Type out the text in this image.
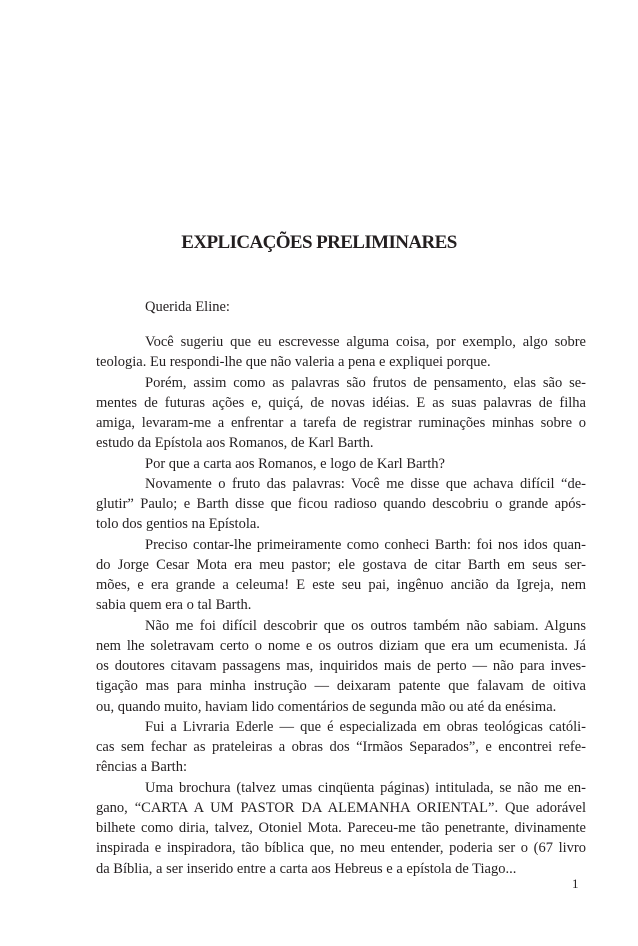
EXPLICAÇÕES PRELIMINARES

Querida Eline:

Você sugeriu que eu escrevesse alguma coisa, por exemplo, algo sobre
teologia. Eu respondi-lhe que não valeria a pena e expliquei porque.
Porém, assim como as palavras são frutos de pensamento, elas são se-
mentes de futuras ações e, quiçá, de novas idéias. E as suas palavras de filha
amiga, levaram-me a enfrentar a tarefa de registrar ruminações minhas sobre o
estudo da Epístola aos Romanos, de Karl Barth.
Por que a carta aos Romanos, e logo de Karl Barth?
Novamente o fruto das palavras: Você me disse que achava difícil “de-
glutir” Paulo; e Barth disse que ficou radioso quando descobriu o grande após-
tolo dos gentios na Epístola.
Preciso contar-lhe primeiramente como conheci Barth: foi nos idos quan-
do Jorge Cesar Mota era meu pastor; ele gostava de citar Barth em seus ser-
mões, e era grande a celeuma! E este seu pai, ingênuo ancião da Igreja, nem
sabia quem era o tal Barth.
Não me foi difícil descobrir que os outros também não sabiam. Alguns
nem lhe soletravam certo o nome e os outros diziam que era um ecumenista. Já
os doutores citavam passagens mas, inquiridos mais de perto — não para inves-
tigação mas para minha instrução — deixaram patente que falavam de oitiva
ou, quando muito, haviam lido comentários de segunda mão ou até da enésima.
Fui a Livraria Ederle — que é especializada em obras teológicas católi-
cas sem fechar as prateleiras a obras dos “Irmãos Separados”, e encontrei refe-
rências a Barth:
Uma brochura (talvez umas cinqüenta páginas) intitulada, se não me en-
gano, “CARTA A UM PASTOR DA ALEMANHA ORIENTAL”. Que adorável
bilhete como diria, talvez, Otoniel Mota. Pareceu-me tão penetrante, divinamente
inspirada e inspiradora, tão bíblica que, no meu entender, poderia ser o (67 livro
da Bíblia, a ser inserido entre a carta aos Hebreus e a epístola de Tiago...

1
